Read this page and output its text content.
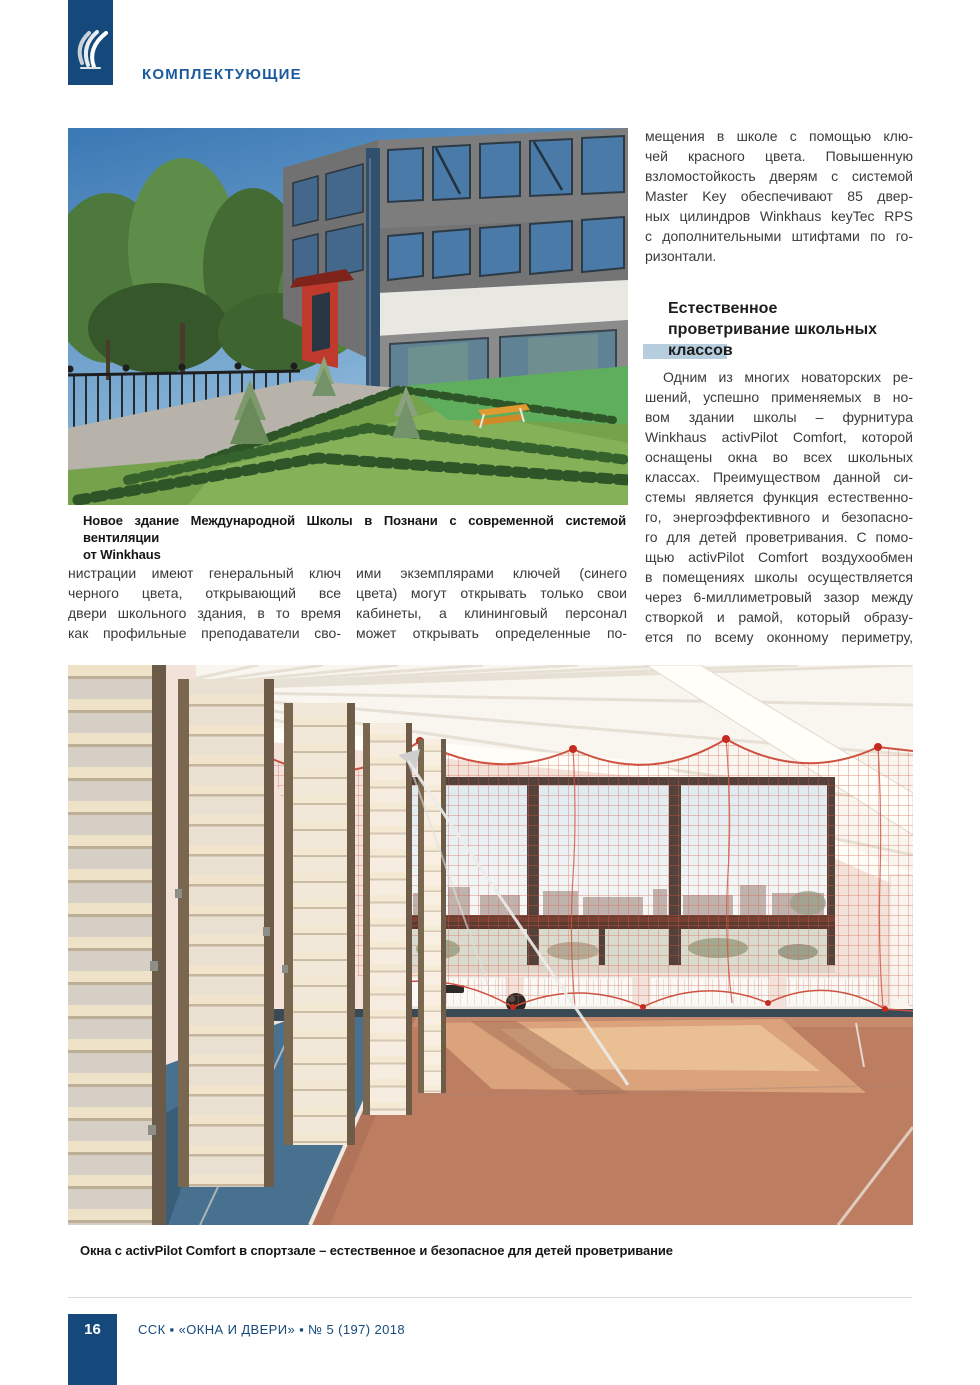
КОМПЛЕКТУЮЩИЕ
Новое здание Международной Школы в Познани с современной системой вентиляции
от Winkhaus
нистрации имеют генеральный ключ
черного цвета, открывающий все
двери школьного здания, в то время
как профильные преподаватели сво-
ими экземплярами ключей (синего
цвета) могут открывать только свои
кабинеты, а клининговый персонал
может открывать определенные по-
мещения в школе с помощью клю-
чей красного цвета. Повышенную
взломостойкость дверям с системой
Master Key обеспечивают 85 двер-
ных цилиндров Winkhaus keyTec RPS
с дополнительными штифтами по го-
ризонтали.
Естественное
проветривание школьных
классов
Одним из многих новаторских ре-
шений, успешно применяемых в но-
вом здании школы – фурнитура
Winkhaus activPilot Comfort, которой
оснащены окна во всех школьных
классах. Преимуществом данной си-
стемы является функция естественно-
го, энергоэффективного и безопасно-
го для детей проветривания. С помо-
щью activPilot Comfort воздухообмен
в помещениях школы осуществляется
через 6-миллиметровый зазор между
створкой и рамой, который образу-
ется по всему оконному периметру,
Окна с activPilot Comfort в спортзале – естественное и безопасное для детей проветривание
16	ССК ▪ «ОКНА И ДВЕРИ» ▪ № 5 (197) 2018
